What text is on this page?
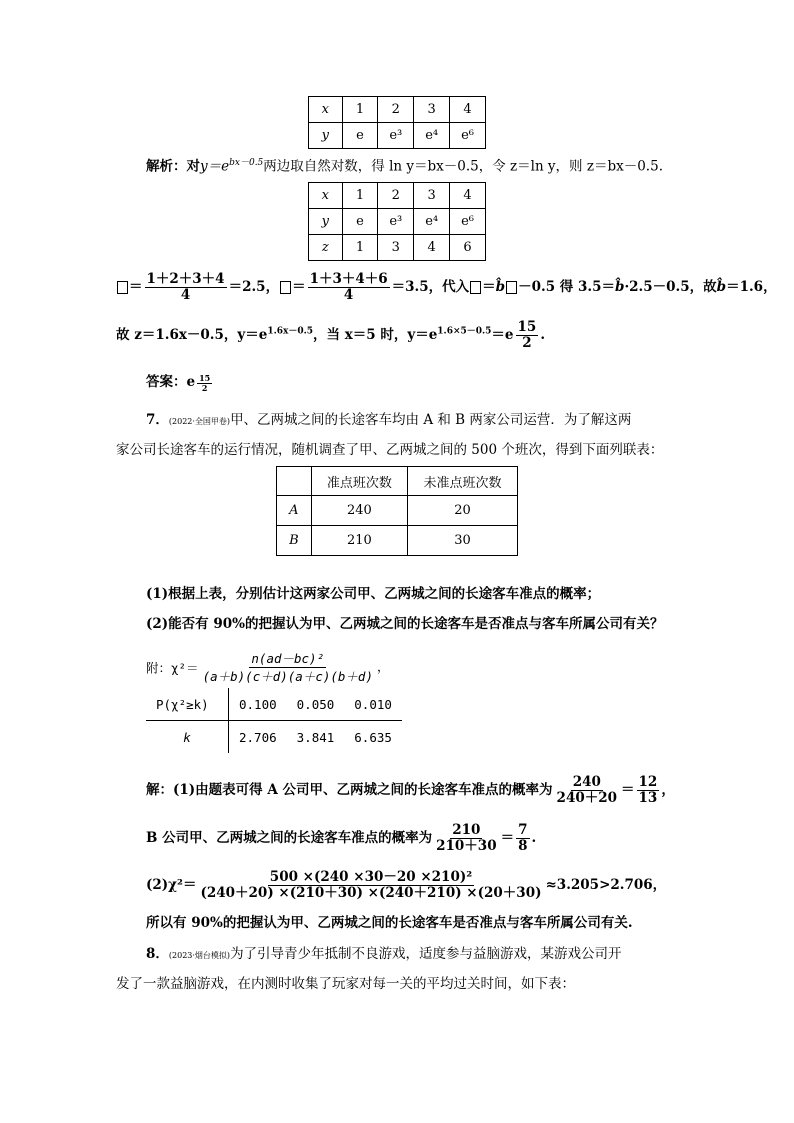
x	1	2	3	4
y	e	e³	e⁴	e⁶
解析：对$y=e^{bx-0.5}$两边取自然对数，得 ln y＝bx－0.5，令 z＝ln y，则 z＝bx－0.5.
x	1	2	3	4
y	e	e³	e⁴	e⁶
z	1	3	4	6
＝ $\frac{1+2+3+4}{4} =2.5$， ＝ $\frac{1+3+4+6}{4} =3.5$，代入 ＝b̂ －0.5 得 3.5＝b̂·2.5－0.5，故b̂＝1.6，
故 z＝1.6x－0.5，$y=e^{1.6x-0.5}$，当 x＝5 时，$y=e^{1.6\times 5-0.5}=e \frac{15}{2}$ .
答案：e $\frac{15}{2}$
7．(2022·全国甲卷)甲、乙两城之间的长途客车均由 A 和 B 两家公司运营．为了解这两
家公司长途客车的运行情况，随机调查了甲、乙两城之间的 500 个班次，得到下面列联表：
	准点班次数	未准点班次数
A	240	20
B	210	30
(1)根据上表，分别估计这两家公司甲、乙两城之间的长途客车准点的概率；
(2)能否有 90%的把握认为甲、乙两城之间的长途客车是否准点与客车所属公司有关？
附：$\chi^2= \frac{\text{n(ad－bc)²}}{(a+b)(c+d)(a+c)(b+d)}$ ，
P(χ²≥k)	0.100	0.050	0.010
k	2.706	3.841	6.635
解：(1)由题表可得 A 公司甲、乙两城之间的长途客车准点的概率为 $\frac{240}{240+20} = \frac{12}{13}$ ，
B 公司甲、乙两城之间的长途客车准点的概率为 $\frac{210}{210+30} = \frac{7}{8}$ .
$(2)\chi^2= \frac{\text{500 ×(240 ×30－20 ×210)²}}{(240+20) \times(210+30) \times(240+210) \times(20+30)} \approx 3.205>2.706$，
所以有 90%的把握认为甲、乙两城之间的长途客车是否准点与客车所属公司有关.
8．(2023·烟台模拟)为了引导青少年抵制不良游戏，适度参与益脑游戏，某游戏公司开
发了一款益脑游戏，在内测时收集了玩家对每一关的平均过关时间，如下表：
